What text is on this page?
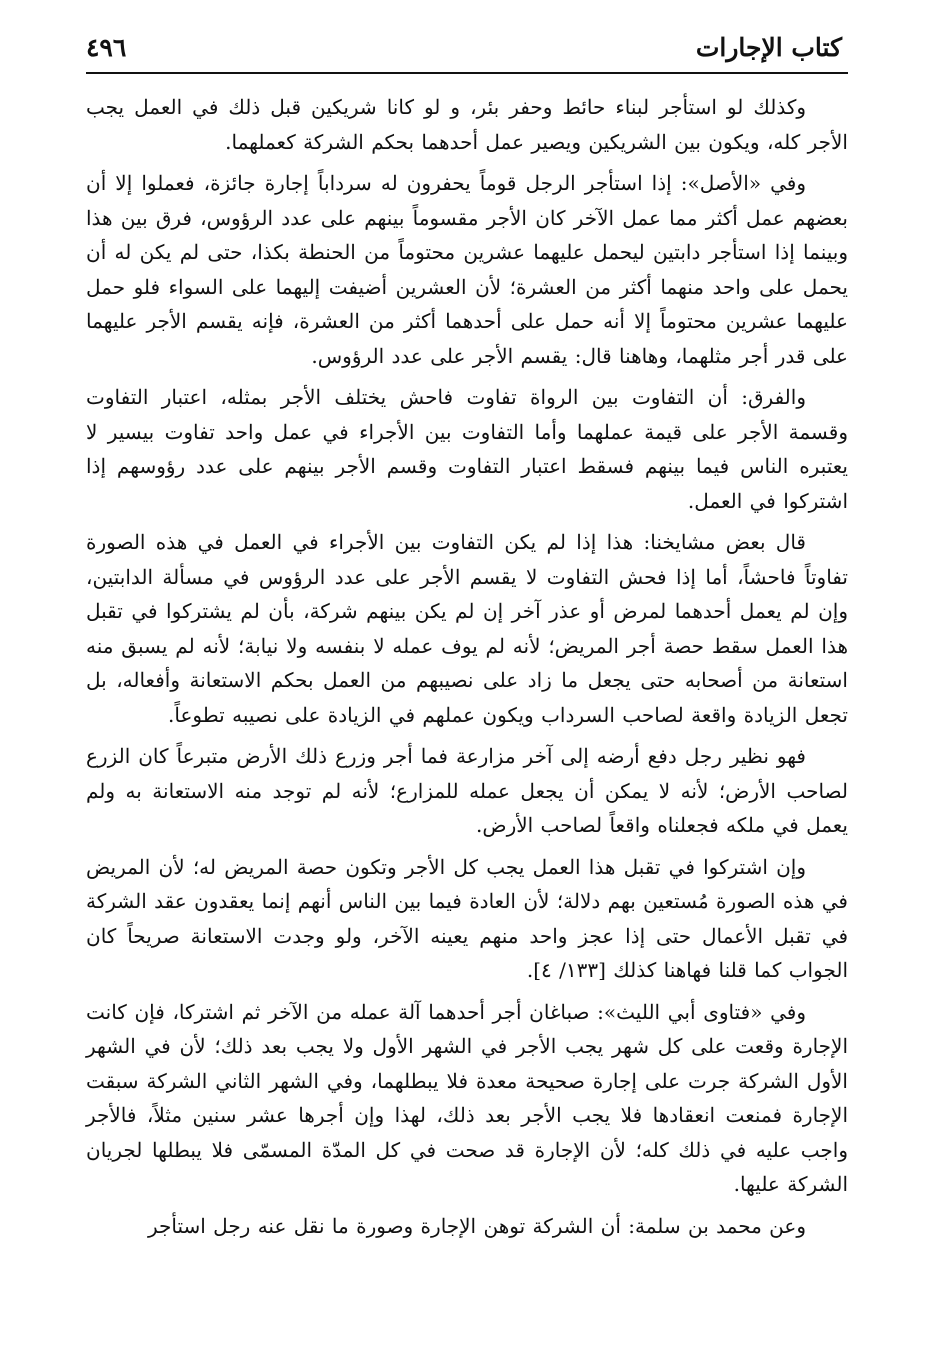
كتاب الإجارات
٤٩٦

وكذلك لو استأجر لبناء حائط وحفر بئر، و لو كانا شريكين قبل ذلك في العمل يجب الأجر كله، ويكون بين الشريكين ويصير عمل أحدهما بحكم الشركة كعملهما.

وفي «الأصل»: إذا استأجر الرجل قوماً يحفرون له سرداباً إجارة جائزة، فعملوا إلا أن بعضهم عمل أكثر مما عمل الآخر كان الأجر مقسوماً بينهم على عدد الرؤوس، فرق بين هذا وبينما إذا استأجر دابتين ليحمل عليهما عشرين محتوماً من الحنطة بكذا، حتى لم يكن له أن يحمل على واحد منهما أكثر من العشرة؛ لأن العشرين أضيفت إليهما على السواء فلو حمل عليهما عشرين محتوماً إلا أنه حمل على أحدهما أكثر من العشرة، فإنه يقسم الأجر عليهما على قدر أجر مثلهما، وهاهنا قال: يقسم الأجر على عدد الرؤوس.

والفرق: أن التفاوت بين الرواة تفاوت فاحش يختلف الأجر بمثله، اعتبار التفاوت وقسمة الأجر على قيمة عملهما وأما التفاوت بين الأجراء في عمل واحد تفاوت بيسير لا يعتبره الناس فيما بينهم فسقط اعتبار التفاوت وقسم الأجر بينهم على عدد رؤوسهم إذا اشتركوا في العمل.

قال بعض مشايخنا: هذا إذا لم يكن التفاوت بين الأجراء في العمل في هذه الصورة تفاوتاً فاحشاً، أما إذا فحش التفاوت لا يقسم الأجر على عدد الرؤوس في مسألة الدابتين، وإن لم يعمل أحدهما لمرض أو عذر آخر إن لم يكن بينهم شركة، بأن لم يشتركوا في تقبل هذا العمل سقط حصة أجر المريض؛ لأنه لم يوف عمله لا بنفسه ولا نيابة؛ لأنه لم يسبق منه استعانة من أصحابه حتى يجعل ما زاد على نصيبهم من العمل بحكم الاستعانة وأفعاله، بل تجعل الزيادة واقعة لصاحب السرداب ويكون عملهم في الزيادة على نصيبه تطوعاً.

فهو نظير رجل دفع أرضه إلى آخر مزارعة فما أجر وزرع ذلك الأرض متبرعاً كان الزرع لصاحب الأرض؛ لأنه لا يمكن أن يجعل عمله للمزارع؛ لأنه لم توجد منه الاستعانة به ولم يعمل في ملكه فجعلناه واقعاً لصاحب الأرض.

وإن اشتركوا في تقبل هذا العمل يجب كل الأجر وتكون حصة المريض له؛ لأن المريض في هذه الصورة مُستعين بهم دلالة؛ لأن العادة فيما بين الناس أنهم إنما يعقدون عقد الشركة في تقبل الأعمال حتى إذا عجز واحد منهم يعينه الآخر، ولو وجدت الاستعانة صريحاً كان الجواب كما قلنا فهاهنا كذلك [١٣٣/ ٤].

وفي «فتاوى أبي الليث»: صباغان أجر أحدهما آلة عمله من الآخر ثم اشتركا، فإن كانت الإجارة وقعت على كل شهر يجب الأجر في الشهر الأول ولا يجب بعد ذلك؛ لأن في الشهر الأول الشركة جرت على إجارة صحيحة معدة فلا يبطلهما، وفي الشهر الثاني الشركة سبقت الإجارة فمنعت انعقادها فلا يجب الأجر بعد ذلك، لهذا وإن أجرها عشر سنين مثلاً، فالأجر واجب عليه في ذلك كله؛ لأن الإجارة قد صحت في كل المدّة المسمّى فلا يبطلها لجريان الشركة عليها.

وعن محمد بن سلمة: أن الشركة توهن الإجارة وصورة ما نقل عنه رجل استأجر
